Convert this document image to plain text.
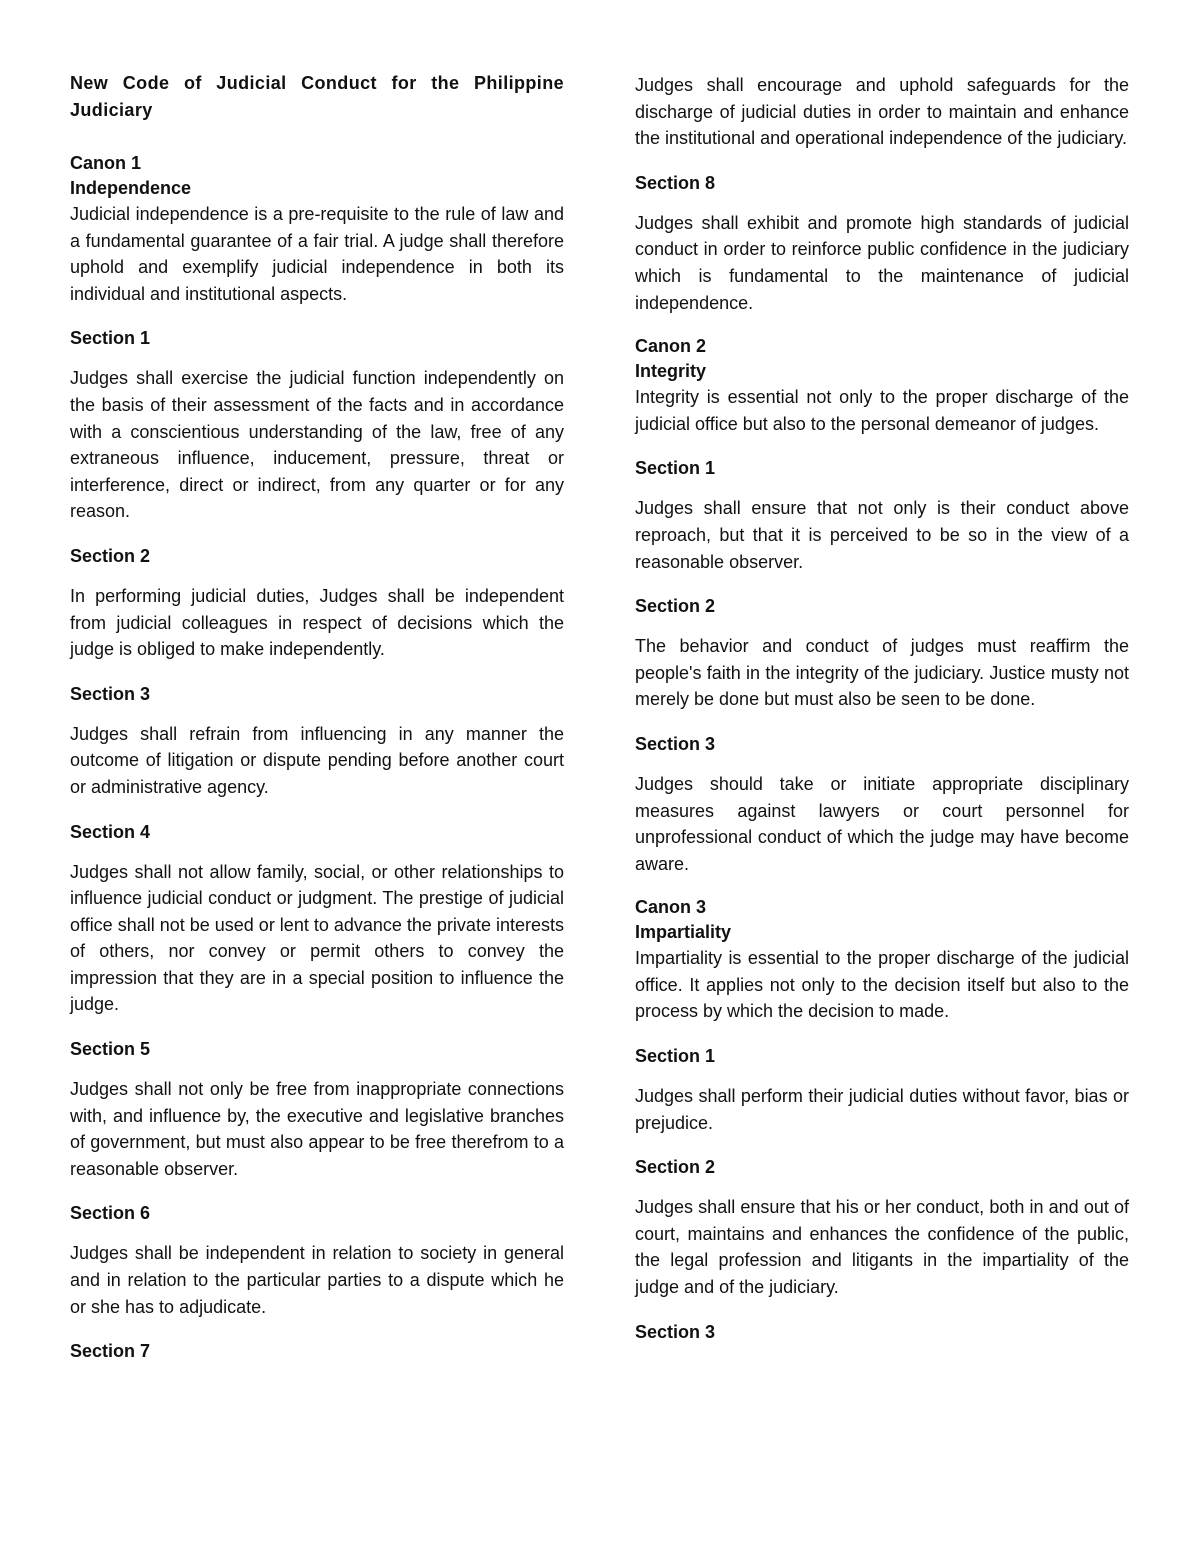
New Code of Judicial Conduct for the Philippine Judiciary

Canon 1

Independence

Judicial independence is a pre-requisite to the rule of law and a fundamental guarantee of a fair trial. A judge shall therefore uphold and exemplify judicial independence in both its individual and institutional aspects.

Section 1

Judges shall exercise the judicial function independently on the basis of their assessment of the facts and in accordance with a conscientious understanding of the law, free of any extraneous influence, inducement, pressure, threat or interference, direct or indirect, from any quarter or for any reason.

Section 2

In performing judicial duties, Judges shall be independent from judicial colleagues in respect of decisions which the judge is obliged to make independently.

Section 3

Judges shall refrain from influencing in any manner the outcome of litigation or dispute pending before another court or administrative agency.

Section 4

Judges shall not allow family, social, or other relationships to influence judicial conduct or judgment. The prestige of judicial office shall not be used or lent to advance the private interests of others, nor convey or permit others to convey the impression that they are in a special position to influence the judge.

Section 5

Judges shall not only be free from inappropriate connections with, and influence by, the executive and legislative branches of government, but must also appear to be free therefrom to a reasonable observer.

Section 6

Judges shall be independent in relation to society in general and in relation to the particular parties to a dispute which he or she has to adjudicate.

Section 7

Judges shall encourage and uphold safeguards for the discharge of judicial duties in order to maintain and enhance the institutional and operational independence of the judiciary.

Section 8

Judges shall exhibit and promote high standards of judicial conduct in order to reinforce public confidence in the judiciary which is fundamental to the maintenance of judicial independence.

Canon 2

Integrity

Integrity is essential not only to the proper discharge of the judicial office but also to the personal demeanor of judges.

Section 1

Judges shall ensure that not only is their conduct above reproach, but that it is perceived to be so in the view of a reasonable observer.

Section 2

The behavior and conduct of judges must reaffirm the people's faith in the integrity of the judiciary. Justice musty not merely be done but must also be seen to be done.

Section 3

Judges should take or initiate appropriate disciplinary measures against lawyers or court personnel for unprofessional conduct of which the judge may have become aware.

Canon 3

Impartiality

Impartiality is essential to the proper discharge of the judicial office. It applies not only to the decision itself but also to the process by which the decision to made.

Section 1

Judges shall perform their judicial duties without favor, bias or prejudice.

Section 2

Judges shall ensure that his or her conduct, both in and out of court, maintains and enhances the confidence of the public, the legal profession and litigants in the impartiality of the judge and of the judiciary.

Section 3
